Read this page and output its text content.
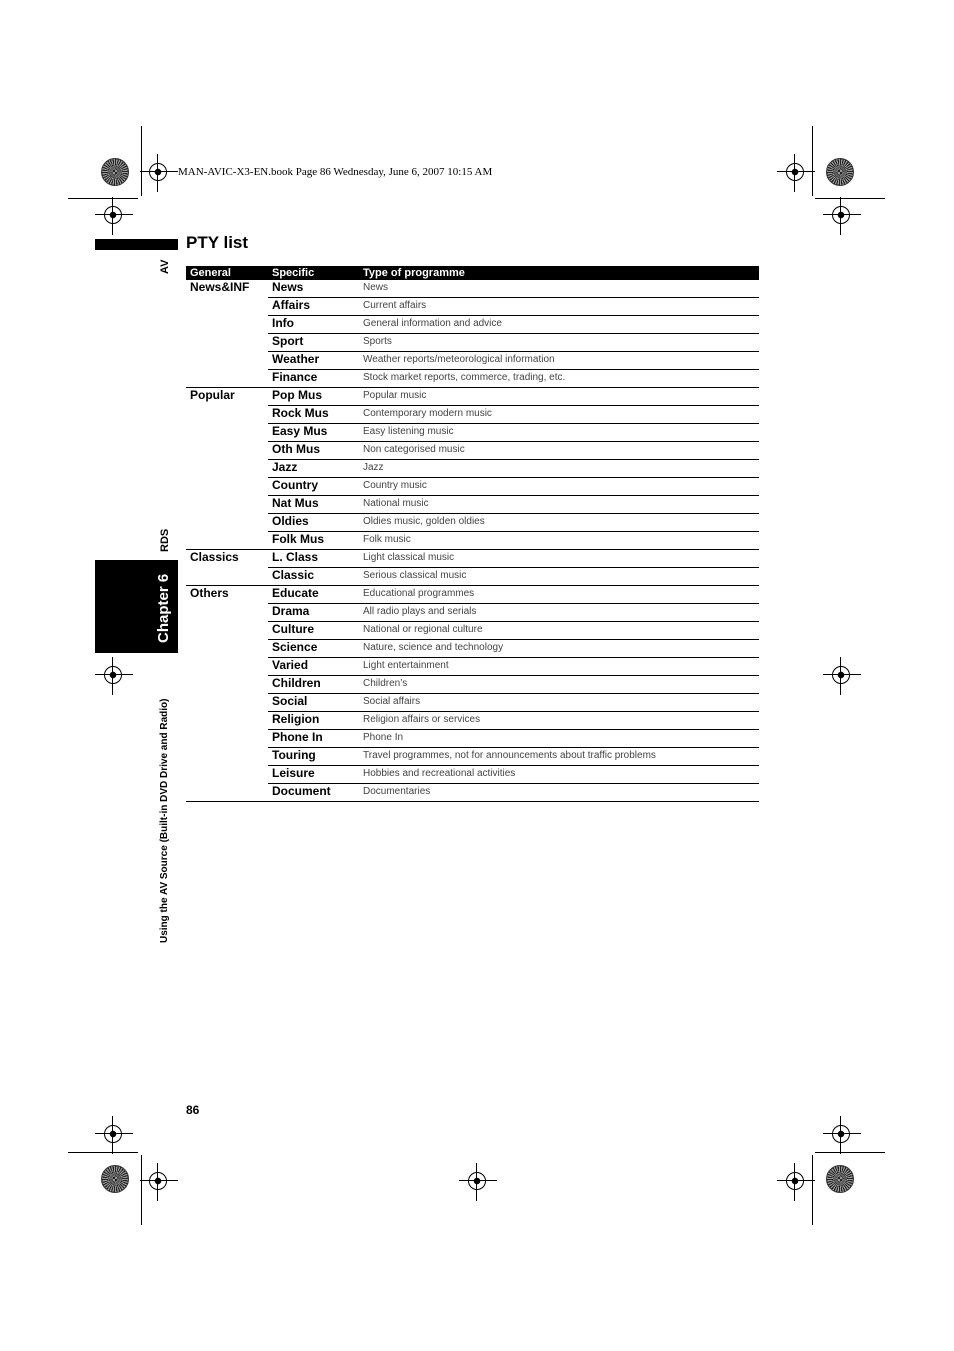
MAN-AVIC-X3-EN.book Page 86 Wednesday, June 6, 2007 10:15 AM
PTY list
AV
RDS
Chapter 6
Using the AV Source (Built-in DVD Drive and Radio)
General	Specific	Type of programme
News&INF	News	News
	Affairs	Current affairs
	Info	General information and advice
	Sport	Sports
	Weather	Weather reports/meteorological information
	Finance	Stock market reports, commerce, trading, etc.
Popular	Pop Mus	Popular music
	Rock Mus	Contemporary modern music
	Easy Mus	Easy listening music
	Oth Mus	Non categorised music
	Jazz	Jazz
	Country	Country music
	Nat Mus	National music
	Oldies	Oldies music, golden oldies
	Folk Mus	Folk music
Classics	L. Class	Light classical music
	Classic	Serious classical music
Others	Educate	Educational programmes
	Drama	All radio plays and serials
	Culture	National or regional culture
	Science	Nature, science and technology
	Varied	Light entertainment
	Children	Children’s
	Social	Social affairs
	Religion	Religion affairs or services
	Phone In	Phone In
	Touring	Travel programmes, not for announcements about traffic problems
	Leisure	Hobbies and recreational activities
	Document	Documentaries
86
